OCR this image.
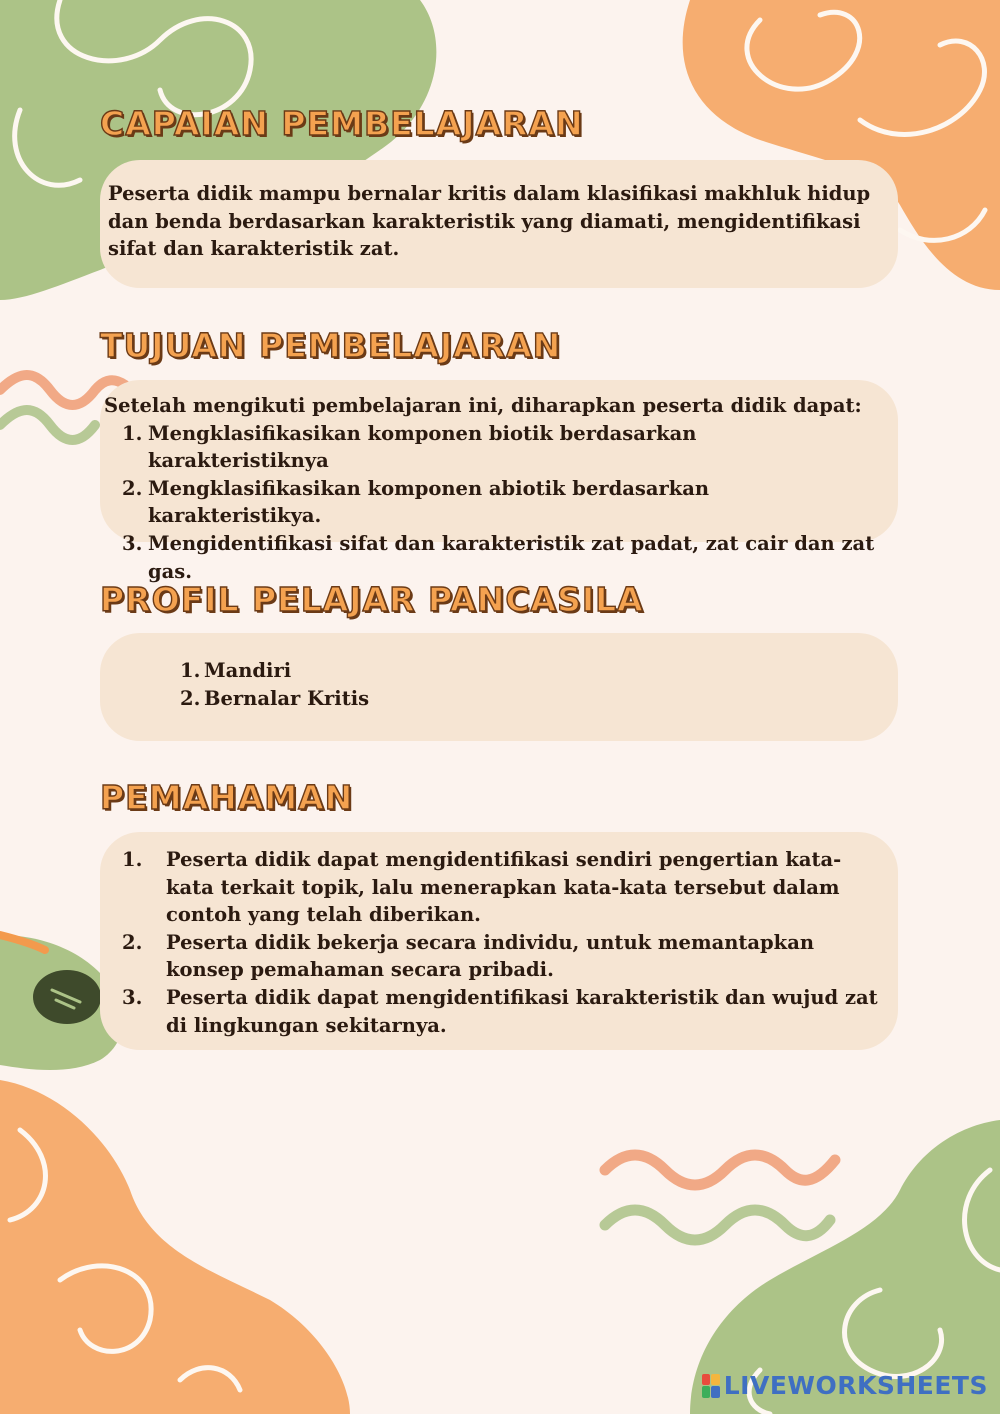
CAPAIAN PEMBELAJARAN

Peserta didik mampu bernalar kritis dalam klasifikasi makhluk hidup dan benda berdasarkan karakteristik yang diamati, mengidentifikasi sifat dan karakteristik zat.

TUJUAN PEMBELAJARAN

Setelah mengikuti pembelajaran ini, diharapkan peserta didik dapat:

1. Mengklasifikasikan komponen biotik berdasarkan karakteristiknya
2. Mengklasifikasikan komponen abiotik berdasarkan karakteristikya.
3. Mengidentifikasi sifat dan karakteristik zat padat, zat cair dan zat gas.
PROFIL PELAJAR PANCASILA
1. Mandiri
2. Bernalar Kritis
PEMAHAMAN
1. Peserta didik dapat mengidentifikasi sendiri pengertian kata-kata terkait topik, lalu menerapkan kata-kata tersebut dalam contoh yang telah diberikan.
2. Peserta didik bekerja secara individu, untuk memantapkan konsep pemahaman secara pribadi.
3. Peserta didik dapat mengidentifikasi karakteristik dan wujud zat di lingkungan sekitarnya.
LIVEWORKSHEETS
